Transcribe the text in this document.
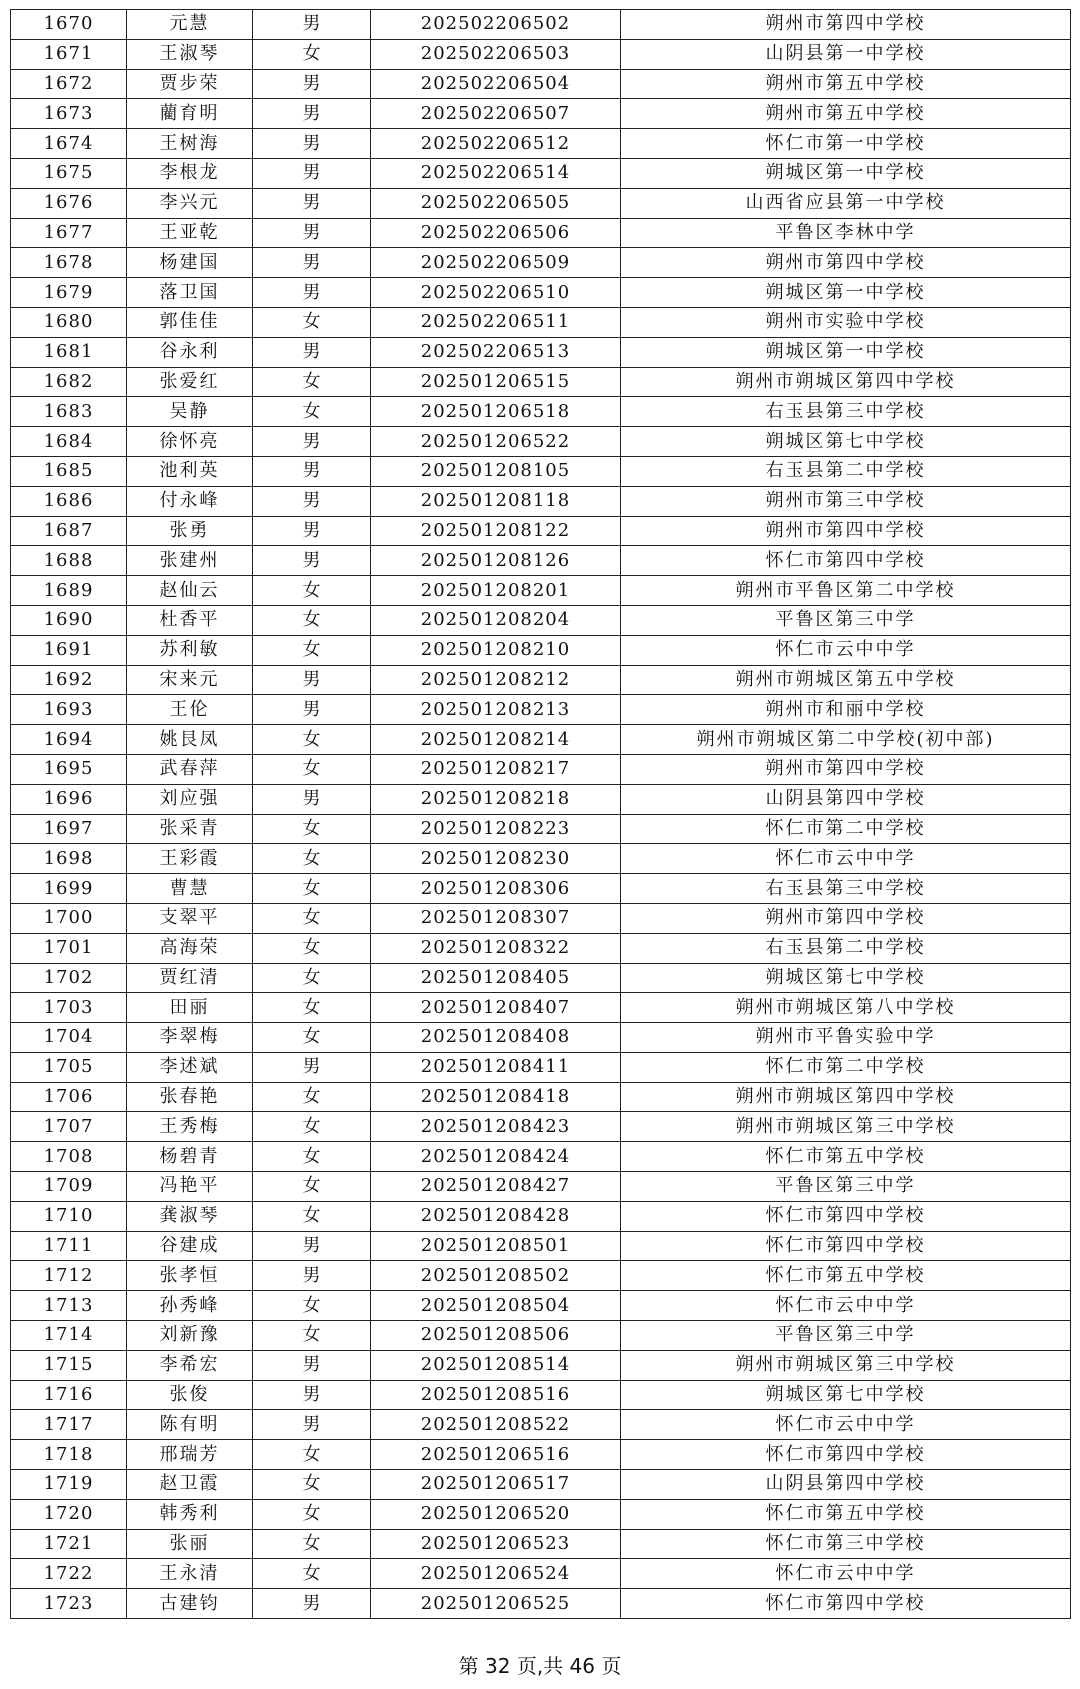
1670	元慧	男	202502206502	朔州市第四中学校
1671	王淑琴	女	202502206503	山阴县第一中学校
1672	贾步荣	男	202502206504	朔州市第五中学校
1673	藺育明	男	202502206507	朔州市第五中学校
1674	王树海	男	202502206512	怀仁市第一中学校
1675	李根龙	男	202502206514	朔城区第一中学校
1676	李兴元	男	202502206505	山西省应县第一中学校
1677	王亚乾	男	202502206506	平鲁区李林中学
1678	杨建国	男	202502206509	朔州市第四中学校
1679	落卫国	男	202502206510	朔城区第一中学校
1680	郭佳佳	女	202502206511	朔州市实验中学校
1681	谷永利	男	202502206513	朔城区第一中学校
1682	张爱红	女	202501206515	朔州市朔城区第四中学校
1683	吴静	女	202501206518	右玉县第三中学校
1684	徐怀亮	男	202501206522	朔城区第七中学校
1685	池利英	男	202501208105	右玉县第二中学校
1686	付永峰	男	202501208118	朔州市第三中学校
1687	张勇	男	202501208122	朔州市第四中学校
1688	张建州	男	202501208126	怀仁市第四中学校
1689	赵仙云	女	202501208201	朔州市平鲁区第二中学校
1690	杜香平	女	202501208204	平鲁区第三中学
1691	苏利敏	女	202501208210	怀仁市云中中学
1692	宋来元	男	202501208212	朔州市朔城区第五中学校
1693	王伦	男	202501208213	朔州市和丽中学校
1694	姚艮凤	女	202501208214	朔州市朔城区第二中学校(初中部)
1695	武春萍	女	202501208217	朔州市第四中学校
1696	刘应强	男	202501208218	山阴县第四中学校
1697	张采青	女	202501208223	怀仁市第二中学校
1698	王彩霞	女	202501208230	怀仁市云中中学
1699	曹慧	女	202501208306	右玉县第三中学校
1700	支翠平	女	202501208307	朔州市第四中学校
1701	高海荣	女	202501208322	右玉县第二中学校
1702	贾红清	女	202501208405	朔城区第七中学校
1703	田丽	女	202501208407	朔州市朔城区第八中学校
1704	李翠梅	女	202501208408	朔州市平鲁实验中学
1705	李述斌	男	202501208411	怀仁市第二中学校
1706	张春艳	女	202501208418	朔州市朔城区第四中学校
1707	王秀梅	女	202501208423	朔州市朔城区第三中学校
1708	杨碧青	女	202501208424	怀仁市第五中学校
1709	冯艳平	女	202501208427	平鲁区第三中学
1710	龚淑琴	女	202501208428	怀仁市第四中学校
1711	谷建成	男	202501208501	怀仁市第四中学校
1712	张孝恒	男	202501208502	怀仁市第五中学校
1713	孙秀峰	女	202501208504	怀仁市云中中学
1714	刘新豫	女	202501208506	平鲁区第三中学
1715	李希宏	男	202501208514	朔州市朔城区第三中学校
1716	张俊	男	202501208516	朔城区第七中学校
1717	陈有明	男	202501208522	怀仁市云中中学
1718	邢瑞芳	女	202501206516	怀仁市第四中学校
1719	赵卫霞	女	202501206517	山阴县第四中学校
1720	韩秀利	女	202501206520	怀仁市第五中学校
1721	张丽	女	202501206523	怀仁市第三中学校
1722	王永清	女	202501206524	怀仁市云中中学
1723	古建钧	男	202501206525	怀仁市第四中学校
第 32 页,共 46 页
